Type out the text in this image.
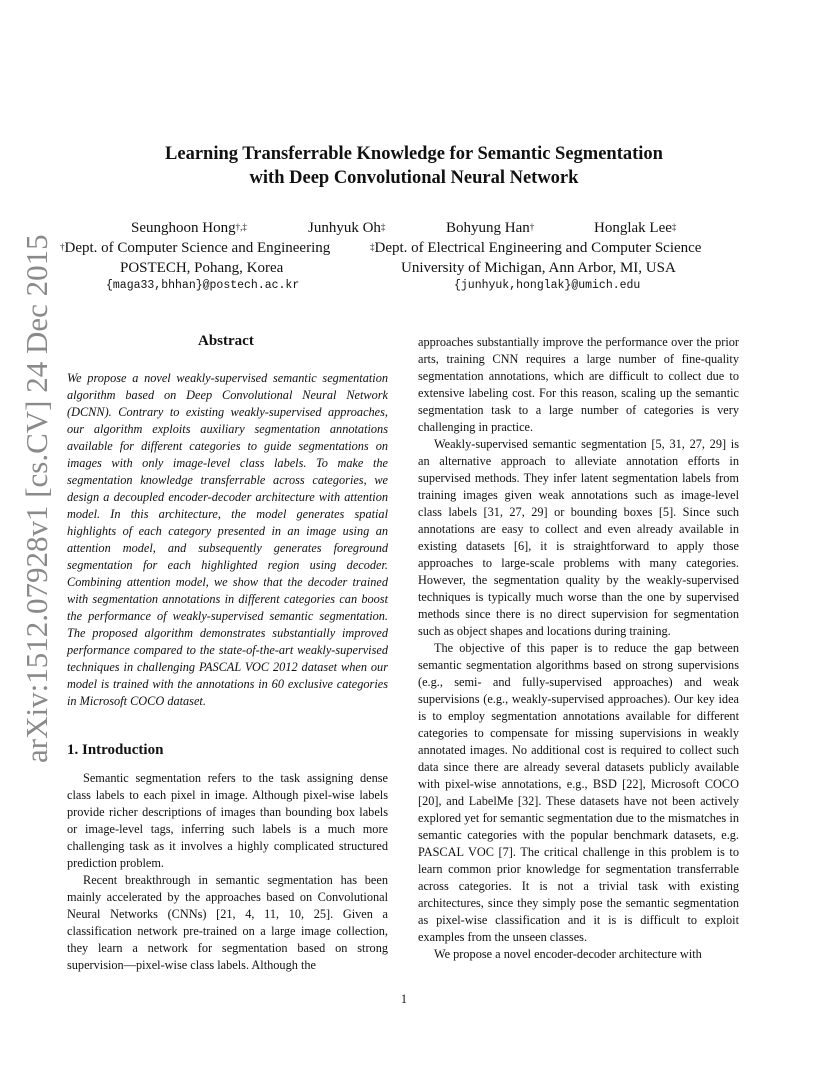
arXiv:1512.07928v1 [cs.CV] 24 Dec 2015
Learning Transferrable Knowledge for Semantic Segmentation
with Deep Convolutional Neural Network
Seunghoon Hong†,‡	Junhyuk Oh‡	Bohyung Han†	Honglak Lee‡
†Dept. of Computer Science and Engineering
POSTECH, Pohang, Korea
{maga33,bhhan}@postech.ac.kr
‡Dept. of Electrical Engineering and Computer Science
University of Michigan, Ann Arbor, MI, USA
{junhyuk,honglak}@umich.edu
Abstract
We propose a novel weakly-supervised semantic segmentation algorithm based on Deep Convolutional Neural Network (DCNN). Contrary to existing weakly-supervised approaches, our algorithm exploits auxiliary segmentation annotations available for different categories to guide segmentations on images with only image-level class labels. To make the segmentation knowledge transferrable across categories, we design a decoupled encoder-decoder architecture with attention model. In this architecture, the model generates spatial highlights of each category presented in an image using an attention model, and subsequently generates foreground segmentation for each highlighted region using decoder. Combining attention model, we show that the decoder trained with segmentation annotations in different categories can boost the performance of weakly-supervised semantic segmentation. The proposed algorithm demonstrates substantially improved performance compared to the state-of-the-art weakly-supervised techniques in challenging PASCAL VOC 2012 dataset when our model is trained with the annotations in 60 exclusive categories in Microsoft COCO dataset.
1. Introduction

Semantic segmentation refers to the task assigning dense class labels to each pixel in image. Although pixel-wise labels provide richer descriptions of images than bounding box labels or image-level tags, inferring such labels is a much more challenging task as it involves a highly complicated structured prediction problem.

Recent breakthrough in semantic segmentation has been mainly accelerated by the approaches based on Convolutional Neural Networks (CNNs) [21, 4, 11, 10, 25]. Given a classification network pre-trained on a large image collection, they learn a network for segmentation based on strong supervision—pixel-wise class labels. Although the

approaches substantially improve the performance over the prior arts, training CNN requires a large number of fine-quality segmentation annotations, which are difficult to collect due to extensive labeling cost. For this reason, scaling up the semantic segmentation task to a large number of categories is very challenging in practice.

Weakly-supervised semantic segmentation [5, 31, 27, 29] is an alternative approach to alleviate annotation efforts in supervised methods. They infer latent segmentation labels from training images given weak annotations such as image-level class labels [31, 27, 29] or bounding boxes [5]. Since such annotations are easy to collect and even already available in existing datasets [6], it is straightforward to apply those approaches to large-scale problems with many categories. However, the segmentation quality by the weakly-supervised techniques is typically much worse than the one by supervised methods since there is no direct supervision for segmentation such as object shapes and locations during training.

The objective of this paper is to reduce the gap between semantic segmentation algorithms based on strong supervisions (e.g., semi- and fully-supervised approaches) and weak supervisions (e.g., weakly-supervised approaches). Our key idea is to employ segmentation annotations available for different categories to compensate for missing supervisions in weakly annotated images. No additional cost is required to collect such data since there are already several datasets publicly available with pixel-wise annotations, e.g., BSD [22], Microsoft COCO [20], and LabelMe [32]. These datasets have not been actively explored yet for semantic segmentation due to the mismatches in semantic categories with the popular benchmark datasets, e.g. PASCAL VOC [7]. The critical challenge in this problem is to learn common prior knowledge for segmentation transferrable across categories. It is not a trivial task with existing architectures, since they simply pose the semantic segmentation as pixel-wise classification and it is is difficult to exploit examples from the unseen classes.

We propose a novel encoder-decoder architecture with

1
